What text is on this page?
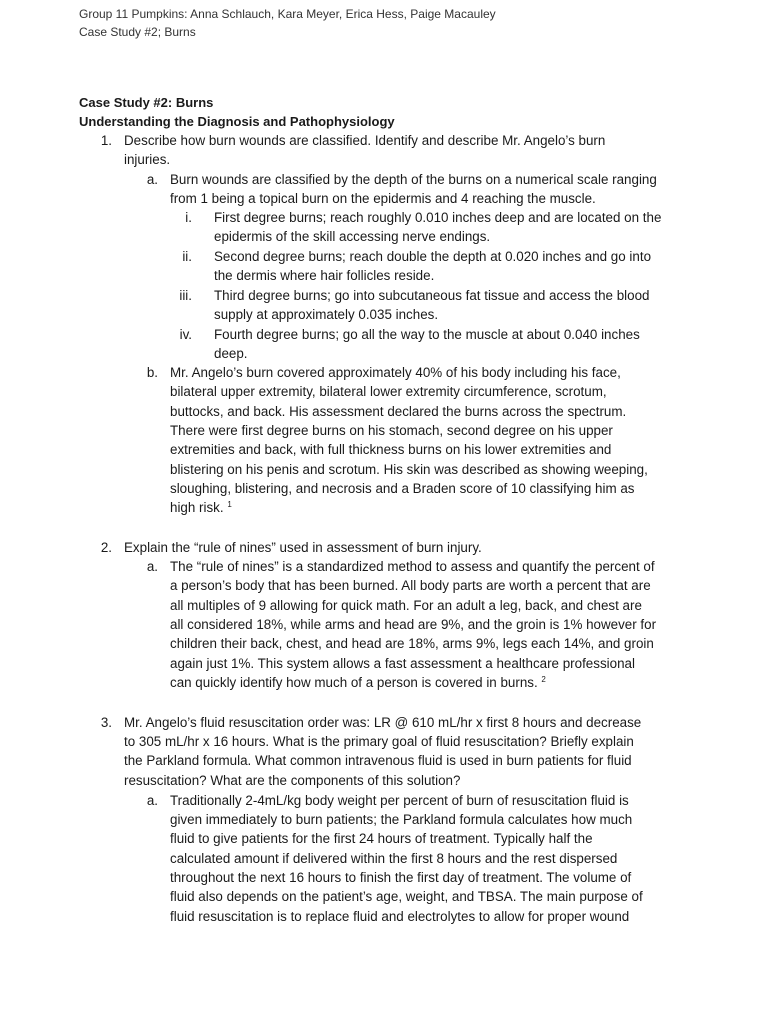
Group 11 Pumpkins: Anna Schlauch, Kara Meyer, Erica Hess, Paige Macauley
Case Study #2; Burns
Case Study #2: Burns
Understanding the Diagnosis and Pathophysiology
1. Describe how burn wounds are classified. Identify and describe Mr. Angelo’s burn
injuries.
a. Burn wounds are classified by the depth of the burns on a numerical scale ranging
from 1 being a topical burn on the epidermis and 4 reaching the muscle.
i. First degree burns; reach roughly 0.010 inches deep and are located on the
epidermis of the skill accessing nerve endings.
ii. Second degree burns; reach double the depth at 0.020 inches and go into
the dermis where hair follicles reside.
iii. Third degree burns; go into subcutaneous fat tissue and access the blood
supply at approximately 0.035 inches.
iv. Fourth degree burns; go all the way to the muscle at about 0.040 inches
deep.
b. Mr. Angelo’s burn covered approximately 40% of his body including his face,
bilateral upper extremity, bilateral lower extremity circumference, scrotum,
buttocks, and back. His assessment declared the burns across the spectrum.
There were first degree burns on his stomach, second degree on his upper
extremities and back, with full thickness burns on his lower extremities and
blistering on his penis and scrotum. His skin was described as showing weeping,
sloughing, blistering, and necrosis and a Braden score of 10 classifying him as
high risk. $^1$
2. Explain the “rule of nines” used in assessment of burn injury.
a. The “rule of nines” is a standardized method to assess and quantify the percent of
a person’s body that has been burned. All body parts are worth a percent that are
all multiples of 9 allowing for quick math. For an adult a leg, back, and chest are
all considered 18%, while arms and head are 9%, and the groin is 1% however for
children their back, chest, and head are 18%, arms 9%, legs each 14%, and groin
again just 1%. This system allows a fast assessment a healthcare professional
can quickly identify how much of a person is covered in burns. $^2$
3. Mr. Angelo’s fluid resuscitation order was: LR @ 610 mL/hr x first 8 hours and decrease
to 305 mL/hr x 16 hours. What is the primary goal of fluid resuscitation? Briefly explain
the Parkland formula. What common intravenous fluid is used in burn patients for fluid
resuscitation? What are the components of this solution?
a. Traditionally 2-4mL/kg body weight per percent of burn of resuscitation fluid is
given immediately to burn patients; the Parkland formula calculates how much
fluid to give patients for the first 24 hours of treatment. Typically half the
calculated amount if delivered within the first 8 hours and the rest dispersed
throughout the next 16 hours to finish the first day of treatment. The volume of
fluid also depends on the patient’s age, weight, and TBSA. The main purpose of
fluid resuscitation is to replace fluid and electrolytes to allow for proper wound
